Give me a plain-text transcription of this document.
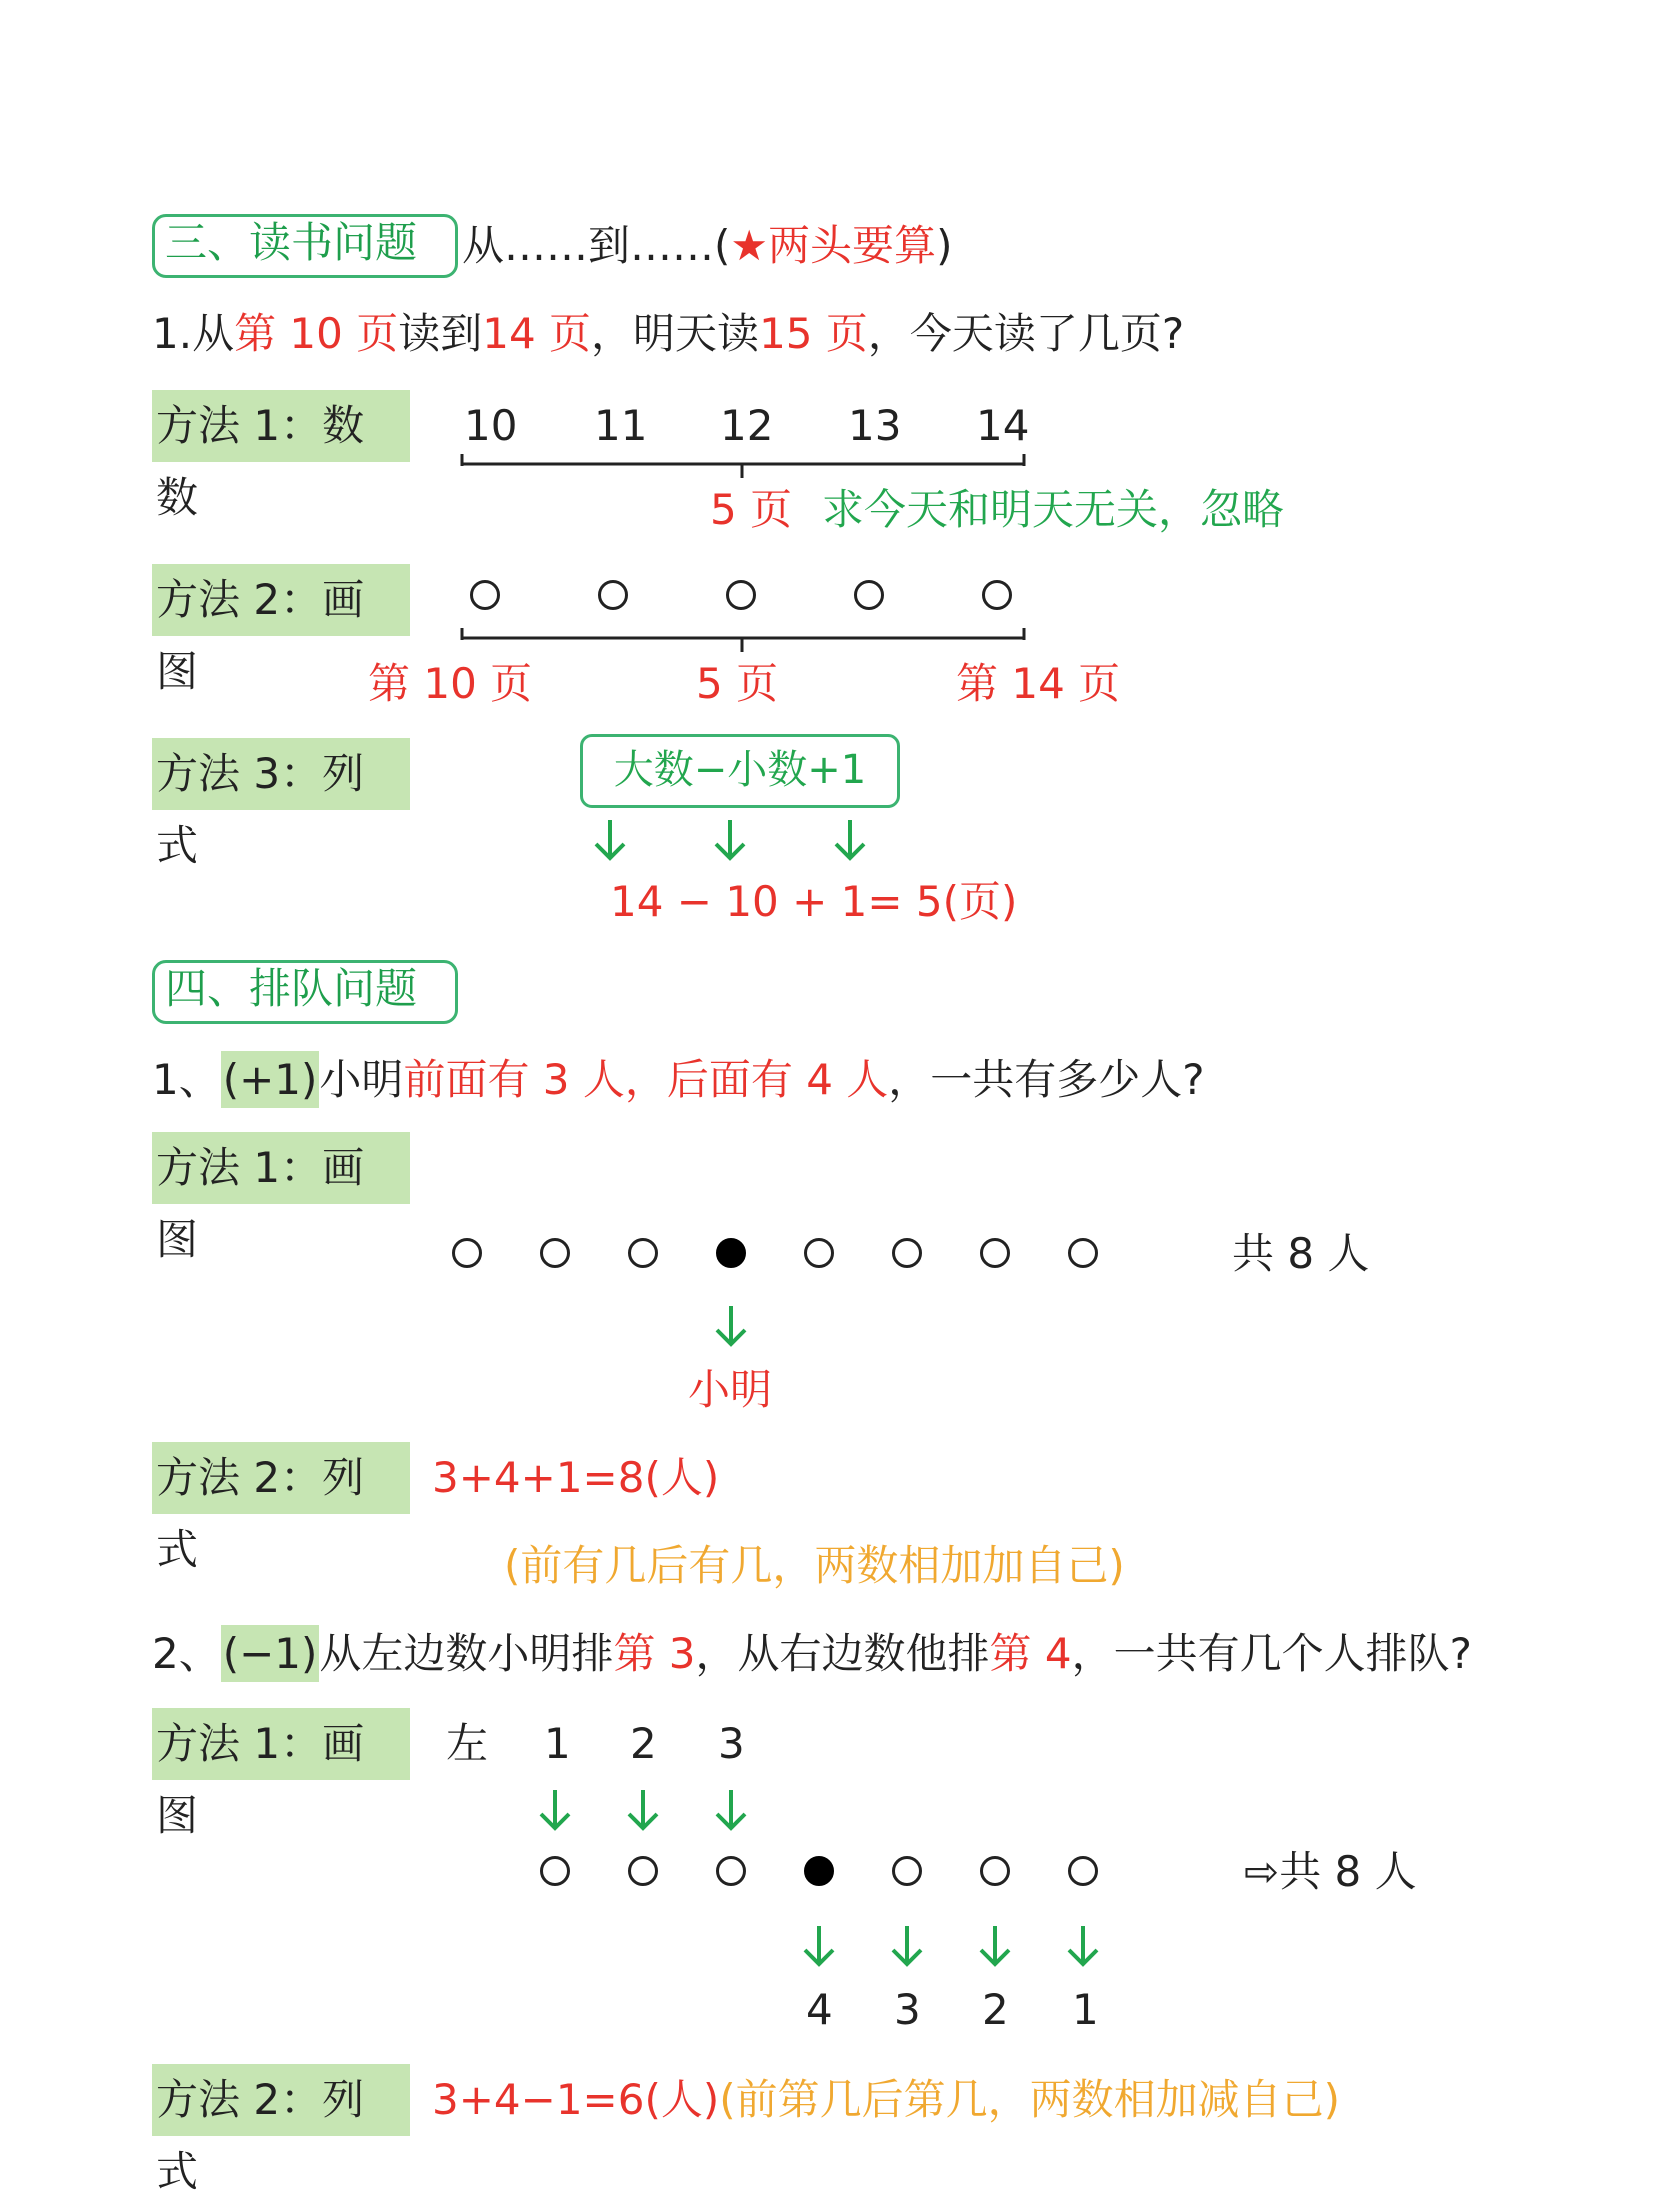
三、读书问题	从……到……(★两头要算)
1.从第 10 页读到14 页，明天读15 页，今天读了几页?
方法 1：数数
10 11 12 13 14
5 页 求今天和明天无关，忽略
方法 2：画图	第 10 页	5 页	第 14 页
方法 3：列式
大数−小数+1
14 − 10 + 1= 5(页)
四、排队问题
1、(+1)小明前面有 3 人，后面有 4 人，一共有多少人?
方法 1：画图	共 8 人
小明
方法 2：列式
3+4+1=8(人)
(前有几后有几，两数相加加自己)
2、(−1)从左边数小明排第 3，从右边数他排第 4，一共有几个人排队?
方法 1：画图
左 1 2 3
⇨共 8 人
4 3 2 1
方法 2：列式
3+4−1=6(人)(前第几后第几，两数相加减自己)
